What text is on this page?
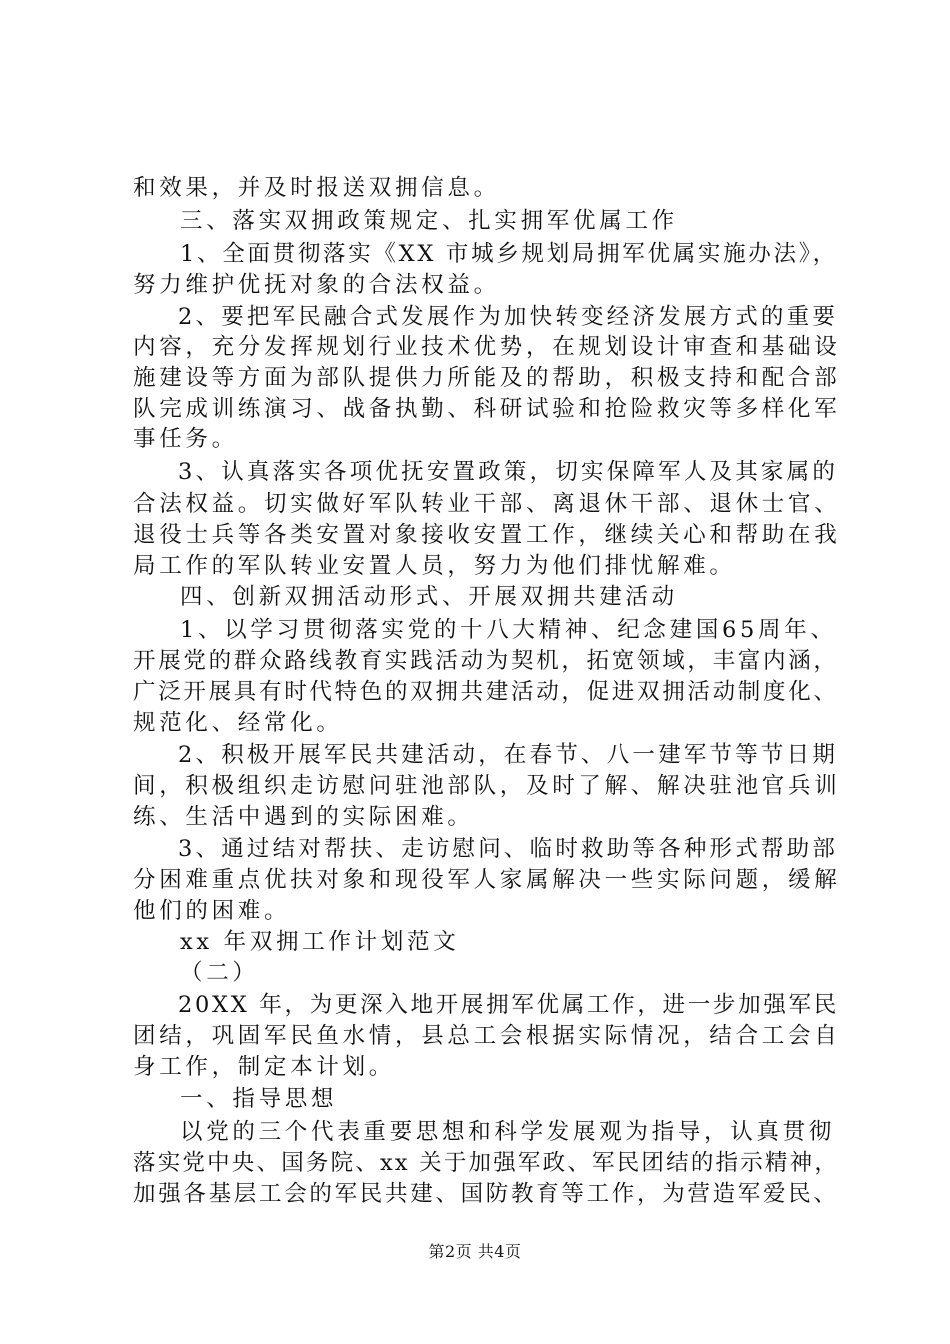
和效果，并及时报送双拥信息。
三、落实双拥政策规定、扎实拥军优属工作
1、全面贯彻落实《XX 市城乡规划局拥军优属实施办法》，
努力维护优抚对象的合法权益。
2、要把军民融合式发展作为加快转变经济发展方式的重要
内容，充分发挥规划行业技术优势，在规划设计审查和基础设
施建设等方面为部队提供力所能及的帮助，积极支持和配合部
队完成训练演习、战备执勤、科研试验和抢险救灾等多样化军
事任务。
3、认真落实各项优抚安置政策，切实保障军人及其家属的
合法权益。切实做好军队转业干部、离退休干部、退休士官、
退役士兵等各类安置对象接收安置工作，继续关心和帮助在我
局工作的军队转业安置人员，努力为他们排忧解难。
四、创新双拥活动形式、开展双拥共建活动
1、以学习贯彻落实党的十八大精神、纪念建国65周年、
开展党的群众路线教育实践活动为契机，拓宽领域，丰富内涵，
广泛开展具有时代特色的双拥共建活动，促进双拥活动制度化、
规范化、经常化。
2、积极开展军民共建活动，在春节、八一建军节等节日期
间，积极组织走访慰问驻池部队，及时了解、解决驻池官兵训
练、生活中遇到的实际困难。
3、通过结对帮扶、走访慰问、临时救助等各种形式帮助部
分困难重点优扶对象和现役军人家属解决一些实际问题，缓解
他们的困难。
xx 年双拥工作计划范文
（二）
20XX 年，为更深入地开展拥军优属工作，进一步加强军民
团结，巩固军民鱼水情，县总工会根据实际情况，结合工会自
身工作，制定本计划。
一、指导思想
以党的三个代表重要思想和科学发展观为指导，认真贯彻
落实党中央、国务院、xx 关于加强军政、军民团结的指示精神，
加强各基层工会的军民共建、国防教育等工作，为营造军爱民、
第2页 共4页
